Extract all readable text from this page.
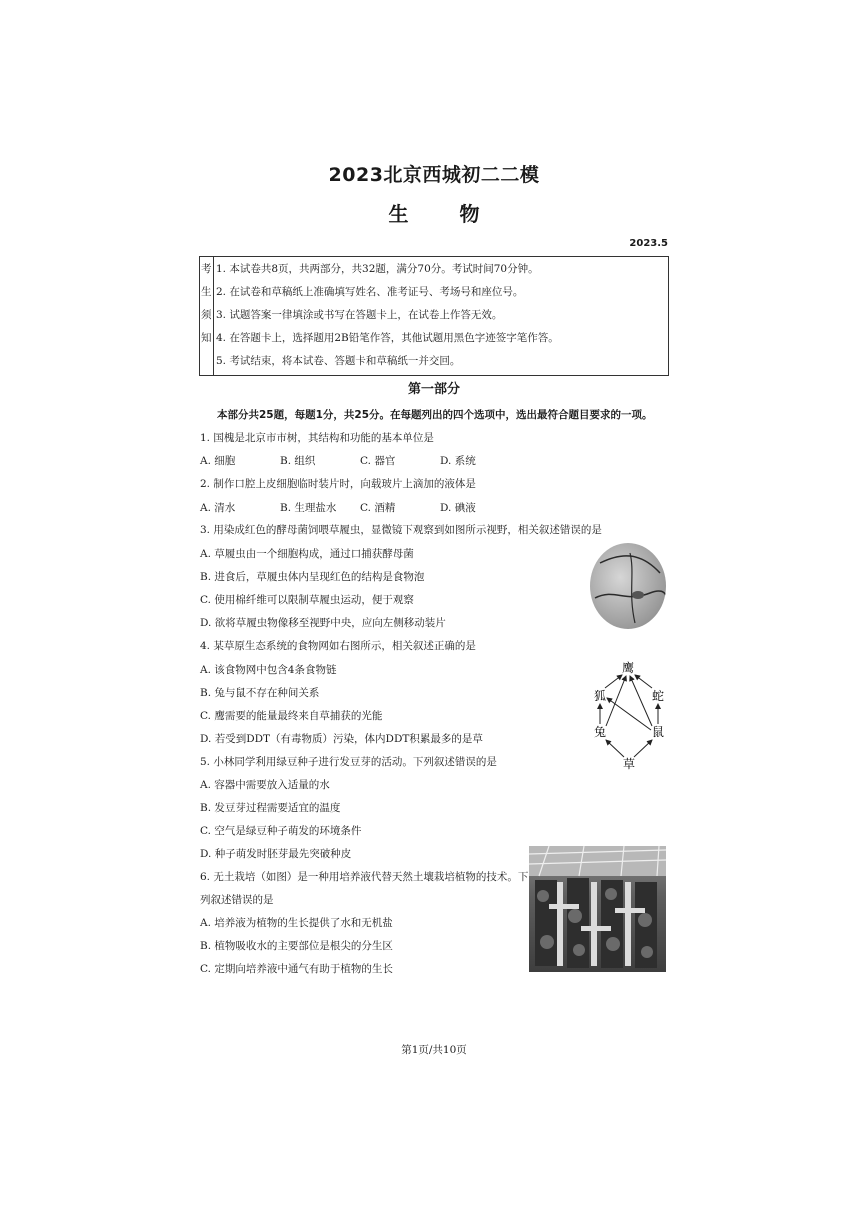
2023北京西城初二二模
生 物
2023.5
考
生
须
知
1. 本试卷共8页，共两部分，共32题，满分70分。考试时间70分钟。
2. 在试卷和草稿纸上准确填写姓名、准考证号、考场号和座位号。
3. 试题答案一律填涂或书写在答题卡上，在试卷上作答无效。
4. 在答题卡上，选择题用2B铅笔作答，其他试题用黑色字迹签字笔作答。
5. 考试结束，将本试卷、答题卡和草稿纸一并交回。
第一部分
本部分共25题，每题1分，共25分。在每题列出的四个选项中，选出最符合题目要求的一项。
1. 国槐是北京市市树，其结构和功能的基本单位是
A. 细胞	B. 组织	C. 器官	D. 系统
2. 制作口腔上皮细胞临时装片时，向载玻片上滴加的液体是
A. 清水	B. 生理盐水 C. 酒精	D. 碘液
3. 用染成红色的酵母菌饲喂草履虫，显微镜下观察到如图所示视野，相关叙述错误的是
A. 草履虫由一个细胞构成，通过口捕获酵母菌
B. 进食后，草履虫体内呈现红色的结构是食物泡
C. 使用棉纤维可以限制草履虫运动，便于观察
D. 欲将草履虫物像移至视野中央，应向左侧移动装片
4. 某草原生态系统的食物网如右图所示，相关叙述正确的是
A. 该食物网中包含4条食物链
B. 兔与鼠不存在种间关系
C. 鹰需要的能量最终来自草捕获的光能
D. 若受到DDT（有毒物质）污染，体内DDT积累最多的是草
鹰
狐	蛇
兔	鼠
草
5. 小林同学利用绿豆种子进行发豆芽的活动。下列叙述错误的是
A. 容器中需要放入适量的水
B. 发豆芽过程需要适宜的温度
C. 空气是绿豆种子萌发的环境条件
D. 种子萌发时胚芽最先突破种皮
6. 无土栽培（如图）是一种用培养液代替天然土壤栽培植物的技术。下
列叙述错误的是
A. 培养液为植物的生长提供了水和无机盐
B. 植物吸收水的主要部位是根尖的分生区
C. 定期向培养液中通气有助于植物的生长
第1页/共10页
